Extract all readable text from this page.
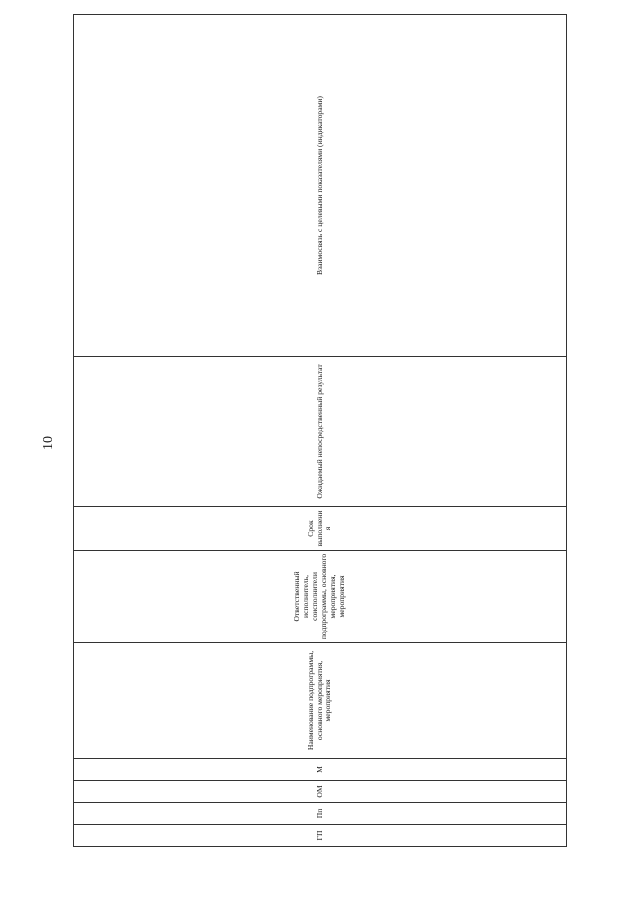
10
ГП	Пп	ОМ	М	Наименование подпрограммы, основного мероприятия, мероприятия	Ответственный исполнитель, соисполнители подпрограммы, основного мероприятия, мероприятия	Срок выполнения	Ожидаемый непосредственный результат	Взаимосвязь с целевыми показателями (индикаторами)
